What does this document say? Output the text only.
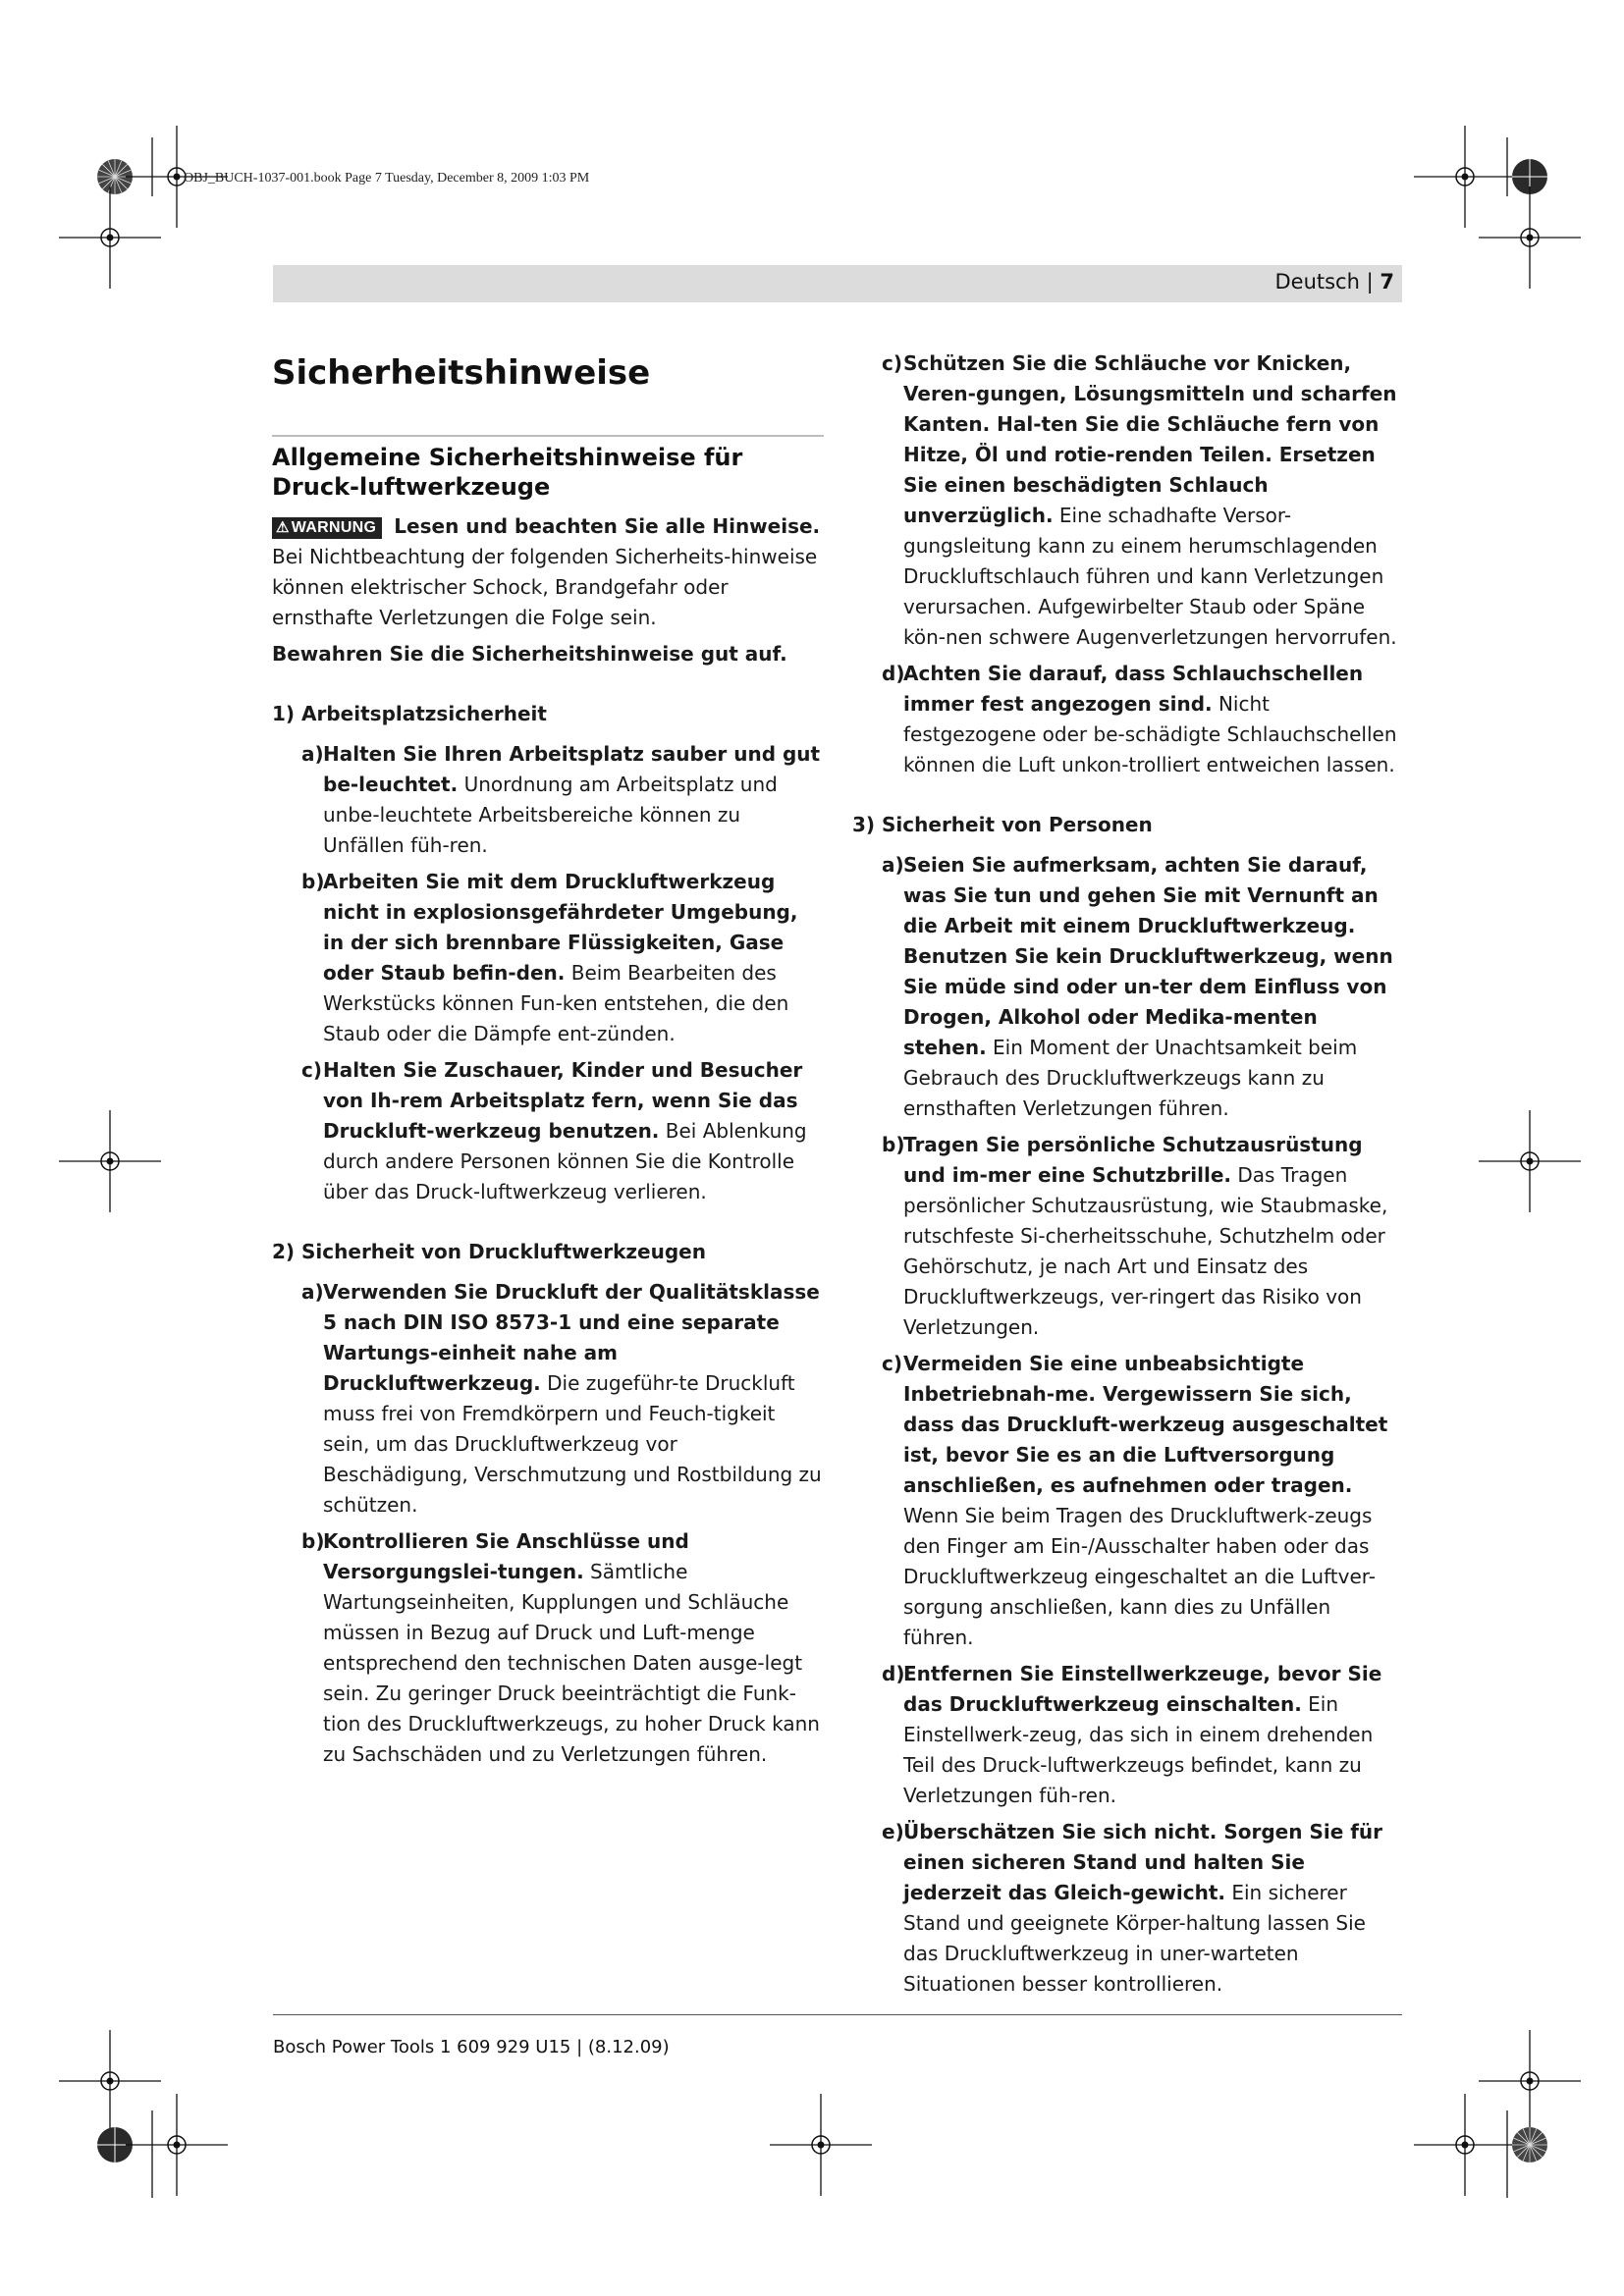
OBJ_BUCH-1037-001.book Page 7 Tuesday, December 8, 2009 1:03 PM
Deutsch | 7
Sicherheitshinweise
Allgemeine Sicherheitshinweise für Druck-luftwerkzeuge
⚠ WARNUNG Lesen und beachten Sie alle Hinweise. Bei Nichtbeachtung der folgenden Sicherheits-hinweise können elektrischer Schock, Brandgefahr oder ernsthafte Verletzungen die Folge sein.

Bewahren Sie die Sicherheitshinweise gut auf.

1) Arbeitsplatzsicherheit

a) Halten Sie Ihren Arbeitsplatz sauber und gut be-leuchtet. Unordnung am Arbeitsplatz und unbe-leuchtete Arbeitsbereiche können zu Unfällen füh-ren.
b)
Arbeiten Sie mit dem Druckluftwerkzeug nicht in explosionsgefährdeter Umgebung, in der sich brennbare Flüssigkeiten, Gase oder Staub befin-den. Beim Bearbeiten des Werkstücks können Fun-ken entstehen, die den Staub oder die Dämpfe ent-zünden.
c) Halten Sie Zuschauer, Kinder und Besucher von Ih-rem Arbeitsplatz fern, wenn Sie das Druckluft-werkzeug benutzen. Bei Ablenkung durch andere Personen können Sie die Kontrolle über das Druck-luftwerkzeug verlieren.

2) Sicherheit von Druckluftwerkzeugen

a) Verwenden Sie Druckluft der Qualitätsklasse 5 nach DIN ISO 8573-1 und eine separate Wartungs-einheit nahe am Druckluftwerkzeug. Die zugeführ-te Druckluft muss frei von Fremdkörpern und Feuch-tigkeit sein, um das Druckluftwerkzeug vor Beschädigung, Verschmutzung und Rostbildung zu schützen.
b)
Kontrollieren Sie Anschlüsse und Versorgungslei-tungen. Sämtliche Wartungseinheiten, Kupplungen und Schläuche müssen in Bezug auf Druck und Luft-menge entsprechend den technischen Daten ausge-legt sein. Zu geringer Druck beeinträchtigt die Funk-tion des Druckluftwerkzeugs, zu hoher Druck kann zu Sachschäden und zu Verletzungen führen.
c) Schützen Sie die Schläuche vor Knicken, Veren-gungen, Lösungsmitteln und scharfen Kanten. Hal-ten Sie die Schläuche fern von Hitze, Öl und rotie-renden Teilen. Ersetzen Sie einen beschädigten Schlauch unverzüglich. Eine schadhafte Versor-gungsleitung kann zu einem herumschlagenden Druckluftschlauch führen und kann Verletzungen verursachen. Aufgewirbelter Staub oder Späne kön-nen schwere Augenverletzungen hervorrufen.
d)
Achten Sie darauf, dass Schlauchschellen immer fest angezogen sind. Nicht festgezogene oder be-schädigte Schlauchschellen können die Luft unkon-trolliert entweichen lassen.

3) Sicherheit von Personen

a) Seien Sie aufmerksam, achten Sie darauf, was Sie tun und gehen Sie mit Vernunft an die Arbeit mit einem Druckluftwerkzeug. Benutzen Sie kein Druckluftwerkzeug, wenn Sie müde sind oder un-ter dem Einfluss von Drogen, Alkohol oder Medika-menten stehen. Ein Moment der Unachtsamkeit beim Gebrauch des Druckluftwerkzeugs kann zu ernsthaften Verletzungen führen.
b)
Tragen Sie persönliche Schutzausrüstung und im-mer eine Schutzbrille. Das Tragen persönlicher Schutzausrüstung, wie Staubmaske, rutschfeste Si-cherheitsschuhe, Schutzhelm oder Gehörschutz, je nach Art und Einsatz des Druckluftwerkzeugs, ver-ringert das Risiko von Verletzungen.
c) Vermeiden Sie eine unbeabsichtigte Inbetriebnah-me. Vergewissern Sie sich, dass das Druckluft-werkzeug ausgeschaltet ist, bevor Sie es an die Luftversorgung anschließen, es aufnehmen oder tragen. Wenn Sie beim Tragen des Druckluftwerk-zeugs den Finger am Ein-/Ausschalter haben oder das Druckluftwerkzeug eingeschaltet an die Luftver-sorgung anschließen, kann dies zu Unfällen führen.
d)
Entfernen Sie Einstellwerkzeuge, bevor Sie das Druckluftwerkzeug einschalten. Ein Einstellwerk-zeug, das sich in einem drehenden Teil des Druck-luftwerkzeugs befindet, kann zu Verletzungen füh-ren.
e) Überschätzen Sie sich nicht. Sorgen Sie für einen sicheren Stand und halten Sie jederzeit das Gleich-gewicht. Ein sicherer Stand und geeignete Körper-haltung lassen Sie das Druckluftwerkzeug in uner-warteten Situationen besser kontrollieren.
Bosch Power Tools 1 609 929 U15 | (8.12.09)
